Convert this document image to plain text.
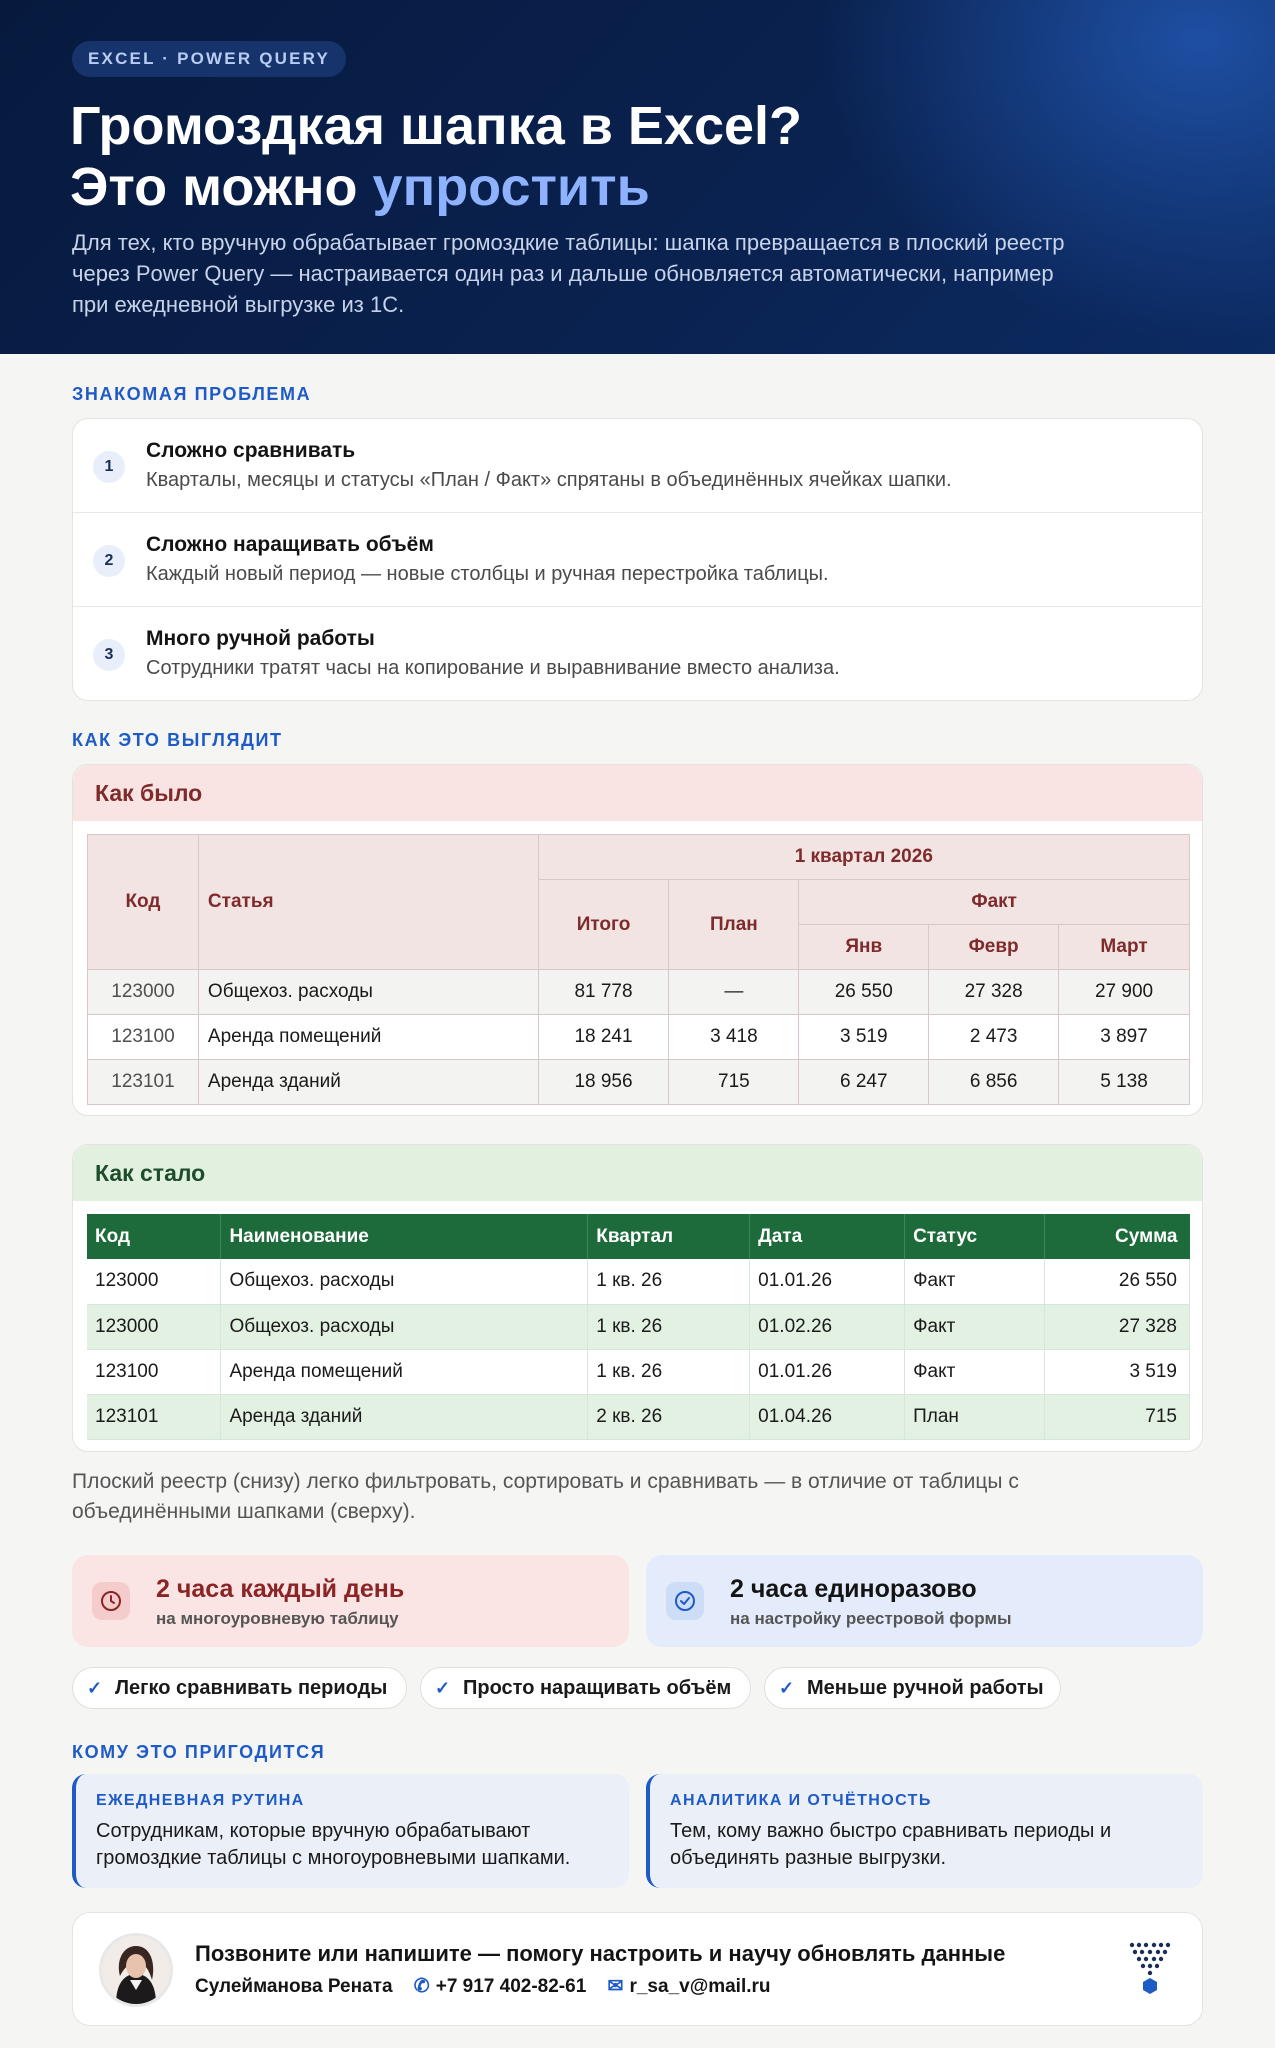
EXCEL · POWER QUERY
Громоздкая шапка в Excel?
Это можно упростить
Для тех, кто вручную обрабатывает громоздкие таблицы: шапка превращается в плоский реестр через Power Query — настраивается один раз и дальше обновляется автоматически, например при ежедневной выгрузке из 1С.
ЗНАКОМАЯ ПРОБЛЕМА
1
Сложно сравнивать
Кварталы, месяцы и статусы «План / Факт» спрятаны в объединённых ячейках шапки.
2
Сложно наращивать объём
Каждый новый период — новые столбцы и ручная перестройка таблицы.
3
Много ручной работы
Сотрудники тратят часы на копирование и выравнивание вместо анализа.
КАК ЭТО ВЫГЛЯДИТ
Как было
Код	Статья	1 квартал 2026				
		Итого	План	Факт		
				Янв	Февр	Март
123000	Общехоз. расходы	81 778	—	26 550	27 328	27 900
123100	Аренда помещений	18 241	3 418	3 519	2 473	3 897
123101	Аренда зданий	18 956	715	6 247	6 856	5 138
Как стало
Код	Наименование	Квартал	Дата	Статус	Сумма
123000	Общехоз. расходы	1 кв. 26	01.01.26	Факт	26 550
123000	Общехоз. расходы	1 кв. 26	01.02.26	Факт	27 328
123100	Аренда помещений	1 кв. 26	01.01.26	Факт	3 519
123101	Аренда зданий	2 кв. 26	01.04.26	План	715
Плоский реестр (снизу) легко фильтровать, сортировать и сравнивать — в отличие от таблицы с объединёнными шапками (сверху).
2 часа каждый день
на многоуровневую таблицу
2 часа единоразово
на настройку реестровой формы
✓ Легко сравнивать периоды	✓ Просто наращивать объём	✓ Меньше ручной работы
КОМУ ЭТО ПРИГОДИТСЯ
ЕЖЕДНЕВНАЯ РУТИНА
Сотрудникам, которые вручную обрабатывают громоздкие таблицы с многоуровневыми шапками.
АНАЛИТИКА И ОТЧЁТНОСТЬ
Тем, кому важно быстро сравнивать периоды и объединять разные выгрузки.
Позвоните или напишите — помогу настроить и научу обновлять данные
Сулейманова Рената ✆ +7 917 402-82-61 ✉ r_sa_v@mail.ru
